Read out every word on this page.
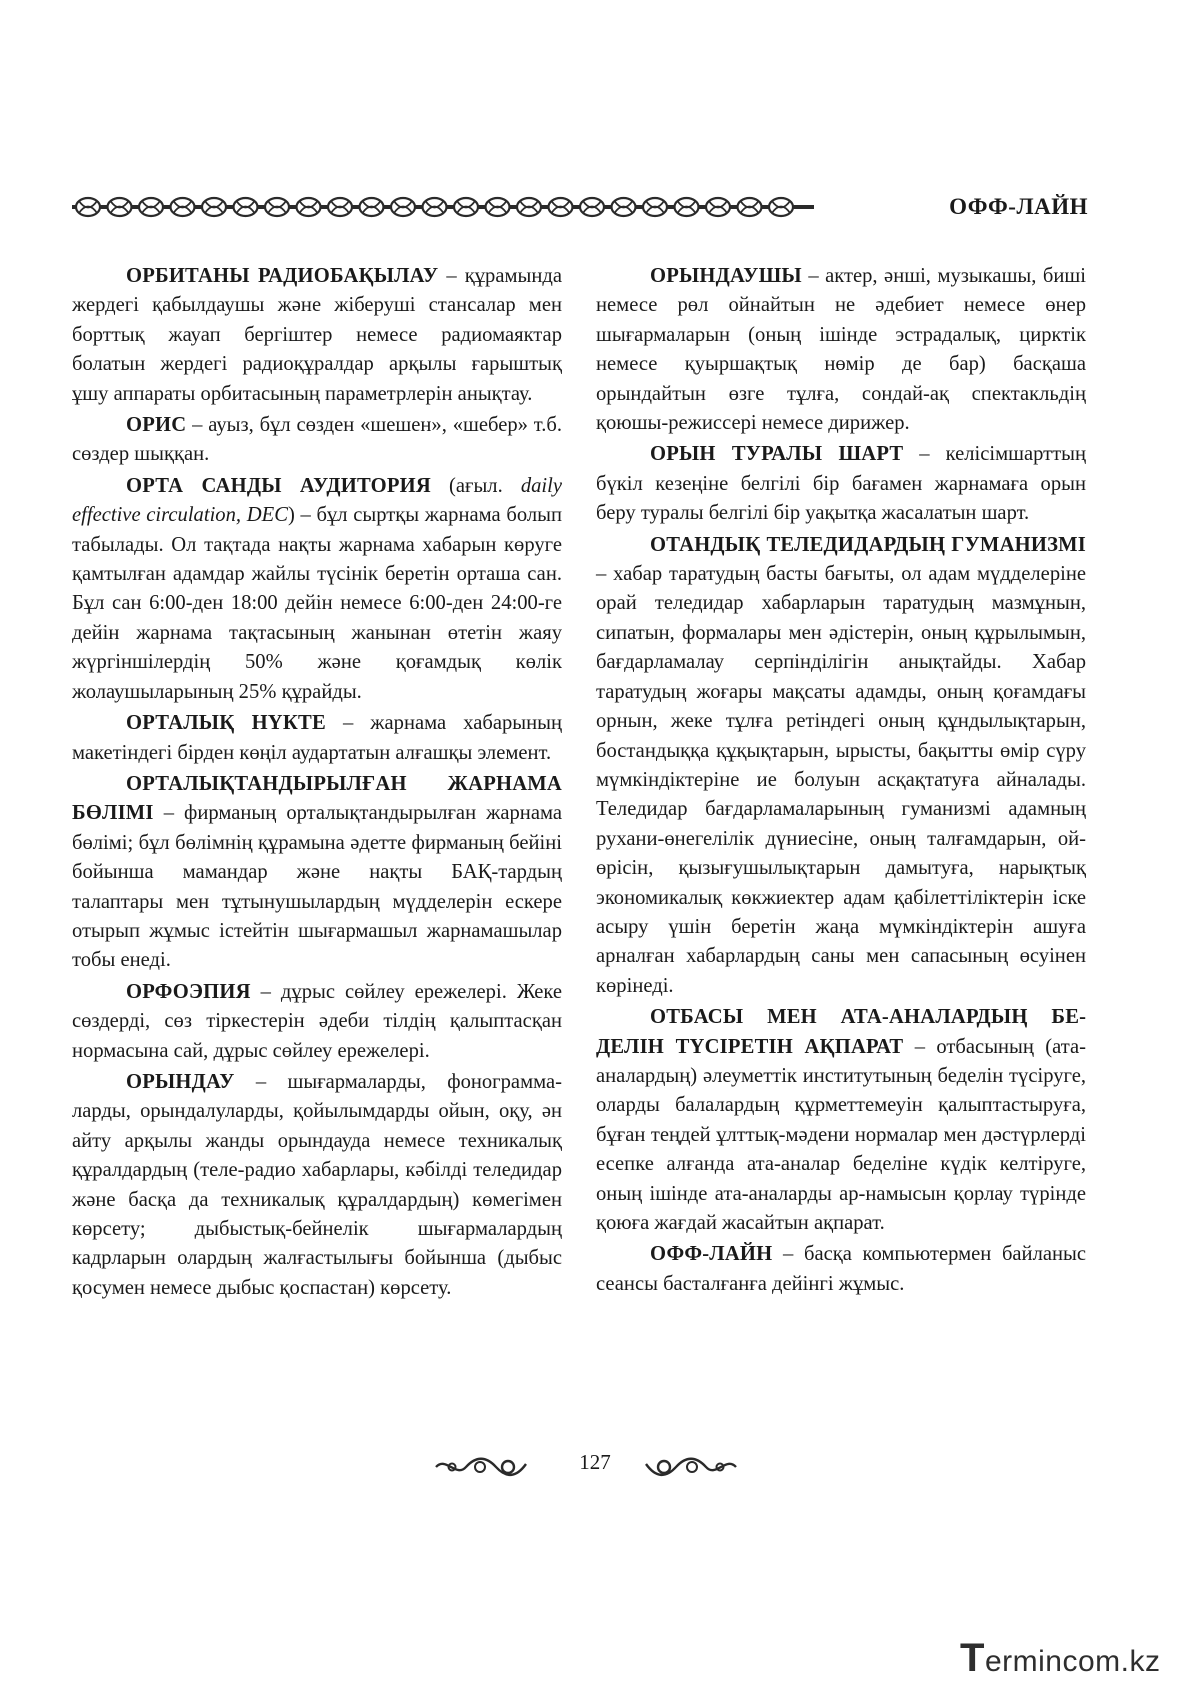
ОФФ-ЛАЙН

ОРБИТАНЫ РАДИОБАҚЫЛАУ – құрамында жердегі қабылдаушы және жіберуші стансалар мен борттық жауап бергіштер немесе радиомаяктар болатын жердегі радиоқұралдар арқылы ғарыштық ұшу аппараты орбитасының параметрлерін анықтау.

ОРИС – ауыз, бұл сөзден «шешен», «шебер» т.б. сөздер шыққан.

ОРТА САНДЫ АУДИТОРИЯ (ағыл. daily effective circulation, DEC) – бұл сыртқы жарнама болып табылады. Ол тақтада нақты жарнама хабарын көруге қамтылған адамдар жайлы түсінік беретін орташа сан. Бұл сан 6:00-ден 18:00 дейін немесе 6:00-ден 24:00-ге дейін жарнама тақтасының жанынан өтетін жаяу жүргіншілердің 50% және қоғамдық көлік жолаушыларының 25% құрайды.

ОРТАЛЫҚ НҮКТЕ – жарнама хабарының макетіндегі бірден көңіл аудартатын алғашқы элемент.

ОРТАЛЫҚТАНДЫРЫЛҒАН ЖАРНАМА БӨЛІМІ – фирманың орталықтандырылған жарнама бөлімі; бұл бөлімнің құрамына әдетте фирманың бейіні бойынша мамандар және нақты БАҚ-тардың талаптары мен тұтынушылардың мүдделерін ескере отырып жұмыс істейтін шығармашыл жарнамашылар тобы енеді.

ОРФОЭПИЯ – дұрыс сөйлеу ережелері. Жеке сөздерді, сөз тіркестерін әдеби тілдің қалыптасқан нормасына сай, дұрыс сөйлеу ережелері.

ОРЫНДАУ – шығармаларды, фонограммаларды, орындалуларды, қойылымдарды ойын, оқу, ән айту арқылы жанды орындауда немесе техникалық құралдардың (теле-радио хабарлары, кәбілді теледидар және басқа да техникалық құралдардың) көмегімен көрсету; дыбыстық-бейнелік шығармалардың кадрларын олардың жалғастылығы бойынша (дыбыс қосумен немесе дыбыс қоспастан) көрсету.

ОРЫНДАУШЫ – актер, әнші, музыкашы, биші немесе рөл ойнайтын не әдебиет немесе өнер шығармаларын (оның ішінде эстрадалық, цирктік немесе қуыршақтық нөмір де бар) басқаша орындайтын өзге тұлға, сондай-ақ спектакльдің қоюшы-режиссері немесе дирижер.

ОРЫН ТУРАЛЫ ШАРТ – келісімшарттың бүкіл кезеңіне белгілі бір бағамен жарнамаға орын беру туралы белгілі бір уақытқа жасалатын шарт.

ОТАНДЫҚ ТЕЛЕДИДАРДЫҢ ГУМАНИЗМІ – хабар таратудың басты бағыты, ол адам мүдделеріне орай теледидар хабарларын таратудың мазмұнын, сипатын, формалары мен әдістерін, оның құрылымын, бағдарламалау серпінділігін анықтайды. Хабар таратудың жоғары мақсаты адамды, оның қоғамдағы орнын, жеке тұлға ретіндегі оның құндылықтарын, бостандыққа құқықтарын, ырысты, бақытты өмір сүру мүмкіндіктеріне ие болуын асқақтатуға айналады. Теледидар бағдарламаларының гуманизмі адамның рухани-өнегелілік дүниесіне, оның талғамдарын, ой-өрісін, қызығушылықтарын дамытуға, нарықтық экономикалық көкжиектер адам қабілеттіліктерін іске асыру үшін беретін жаңа мүмкіндіктерін ашуға арналған хабарлардың саны мен сапасының өсуінен көрінеді.

ОТБАСЫ МЕН АТА-АНАЛАРДЫҢ БЕДЕЛІН ТҮСІРЕТІН АҚПАРАТ – отбасының (ата-аналардың) әлеуметтік институтының беделін түсіруге, оларды балалардың құрметтемеуін қалыптастыруға, бұған теңдей ұлттық-мәдени нормалар мен дәстүрлерді есепке алғанда ата-аналар беделіне күдік келтіруге, оның ішінде ата-аналарды ар-намысын қорлау түрінде қоюға жағдай жасайтын ақпарат.

ОФФ-ЛАЙН – басқа компьютермен байланыс сеансы басталғанға дейінгі жұмыс.

127
Termincom.kz
